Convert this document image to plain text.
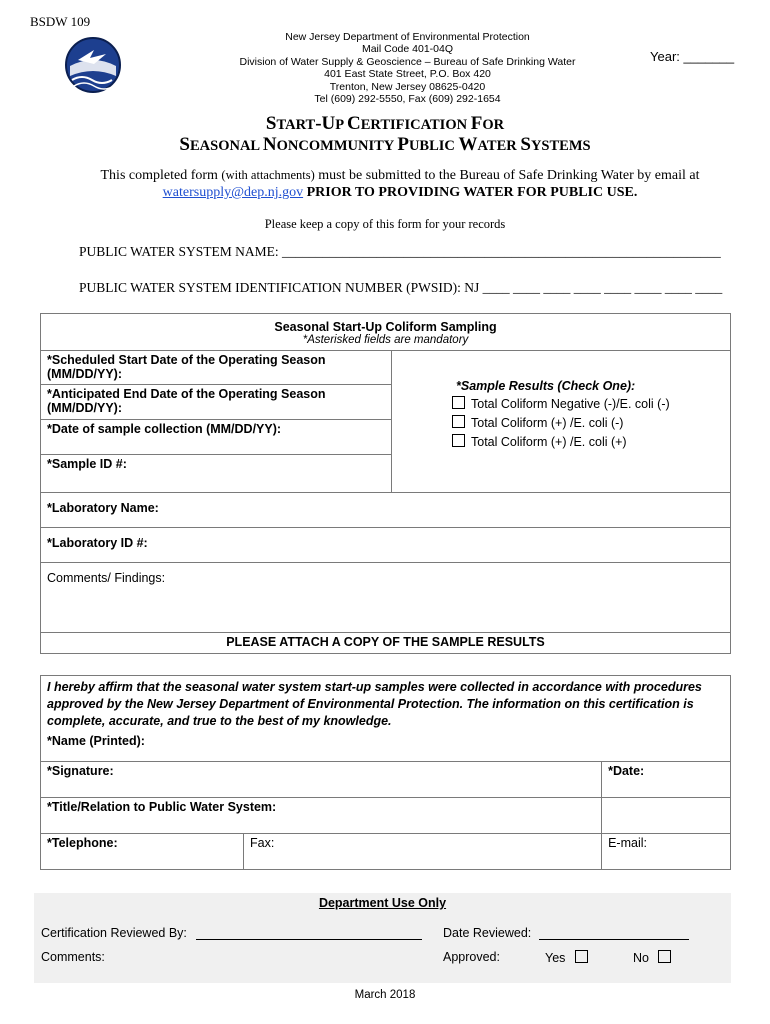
BSDW 109
New Jersey Department of Environmental Protection
Mail Code 401-04Q
Division of Water Supply & Geoscience – Bureau of Safe Drinking Water
401 East State Street, P.O. Box 420
Trenton, New Jersey 08625-0420
Tel (609) 292-5550, Fax (609) 292-1654
Year: _______
START-UP CERTIFICATION FOR
SEASONAL NONCOMMUNITY PUBLIC WATER SYSTEMS
This completed form (with attachments) must be submitted to the Bureau of Safe Drinking Water by email at
watersupply@dep.nj.gov PRIOR TO PROVIDING WATER FOR PUBLIC USE.
Please keep a copy of this form for your records
PUBLIC WATER SYSTEM NAME: _________________________________________________________________
PUBLIC WATER SYSTEM IDENTIFICATION NUMBER (PWSID): NJ ____ ____ ____ ____ ____ ____ ____ ____
Seasonal Start-Up Coliform Sampling
*Asterisked fields are mandatory

*Scheduled Start Date of the Operating Season (MM/DD/YY):	
*Sample Results (Check One):
Total Coliform Negative (-)/E. coli (-)
Total Coliform (+) /E. coli (-)
Total Coliform (+) /E. coli (+)

*Anticipated End Date of the Operating Season (MM/DD/YY):
*Date of sample collection (MM/DD/YY):
*Sample ID #:
*Laboratory Name:
*Laboratory ID #:
Comments/ Findings:
PLEASE ATTACH A COPY OF THE SAMPLE RESULTS
I hereby affirm that the seasonal water system start-up samples were collected in accordance with procedures approved by the New Jersey Department of Environmental Protection. The information on this certification is complete, accurate, and true to the best of my knowledge.
*Name (Printed):		

*Signature:		*Date:
*Title/Relation to Public Water System:		
*Telephone:	Fax:	E-mail:
Department Use Only
Certification Reviewed By:	Date Reviewed:
Comments:	Approved:	Yes	No
March 2018
